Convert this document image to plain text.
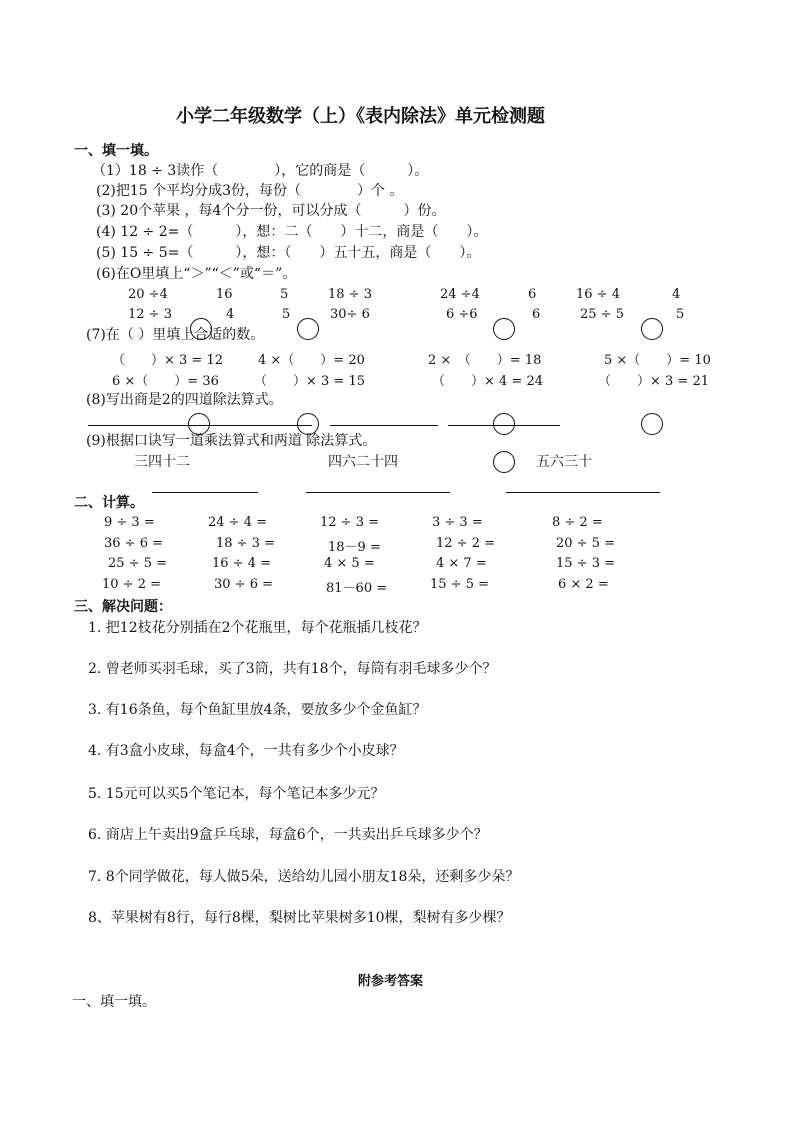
小学二年级数学（上）《表内除法》单元检测题
一、填一填。
（1）18 ÷ 3读作（　　　　），它的商是（　　　）。
(2)把15 个平均分成3份，每份（　　　　）个 。
(3) 20个苹果 ，每4个分一份，可以分成（　　　）份。
(4) 12 ÷ 2=（　　　），想：二（　　）十二，商是（　　）。
(5) 15 ÷ 5=（　　　），想：（　　）五十五，商是（　　）。
(6)在O里填上“＞”“＜”或“＝”。
20 ÷4	16	5	18 ÷ 3	24 ÷4	6	16 ÷ 4	4
12 ÷ 3	4	5	30÷ 6	6 ÷6	6	25 ÷ 5	5
(7)在（ ）里填上合适的数。
（　　）× 3 = 12	4 ×（　　）= 20	2 ×　（　　）= 18	5 ×（　　）= 10
6 ×（　　）= 36	（　　）× 3 = 15	（　　）× 4 = 24	（　　）× 3 = 21
(8)写出商是2的四道除法算式。
(9)根据口诀写一道乘法算式和两道 除法算式。
三四十二	四六二十四	五六三十
二、计算。
9 ÷ 3 =	24 ÷ 4 =	12 ÷ 3 =	3 ÷ 3 =	8 ÷ 2 =
36 ÷ 6 =	18 ÷ 3 =	18－9 =	12 ÷ 2 =	20 ÷ 5 =
25 ÷ 5 =	16 ÷ 4 =	4 × 5 =	4 × 7 =	15 ÷ 3 =
10 ÷ 2 =	30 ÷ 6 =	81－60 =	15 ÷ 5 =	6 × 2 =
三、解决问题：
1. 把12枝花分别插在2个花瓶里，每个花瓶插几枝花？
2. 曾老师买羽毛球，买了3筒，共有18个，每筒有羽毛球多少个？
3. 有16条鱼，每个鱼缸里放4条，要放多少个金鱼缸？
4. 有3盒小皮球，每盒4个，一共有多少个小皮球？
5. 15元可以买5个笔记本，每个笔记本多少元？
6. 商店上午卖出9盒乒乓球，每盒6个，一共卖出乒乓球多少个？
7. 8个同学做花，每人做5朵，送给幼儿园小朋友18朵，还剩多少朵？
8、苹果树有8行，每行8棵，梨树比苹果树多10棵，梨树有多少棵？
附参考答案
一、填一填。
